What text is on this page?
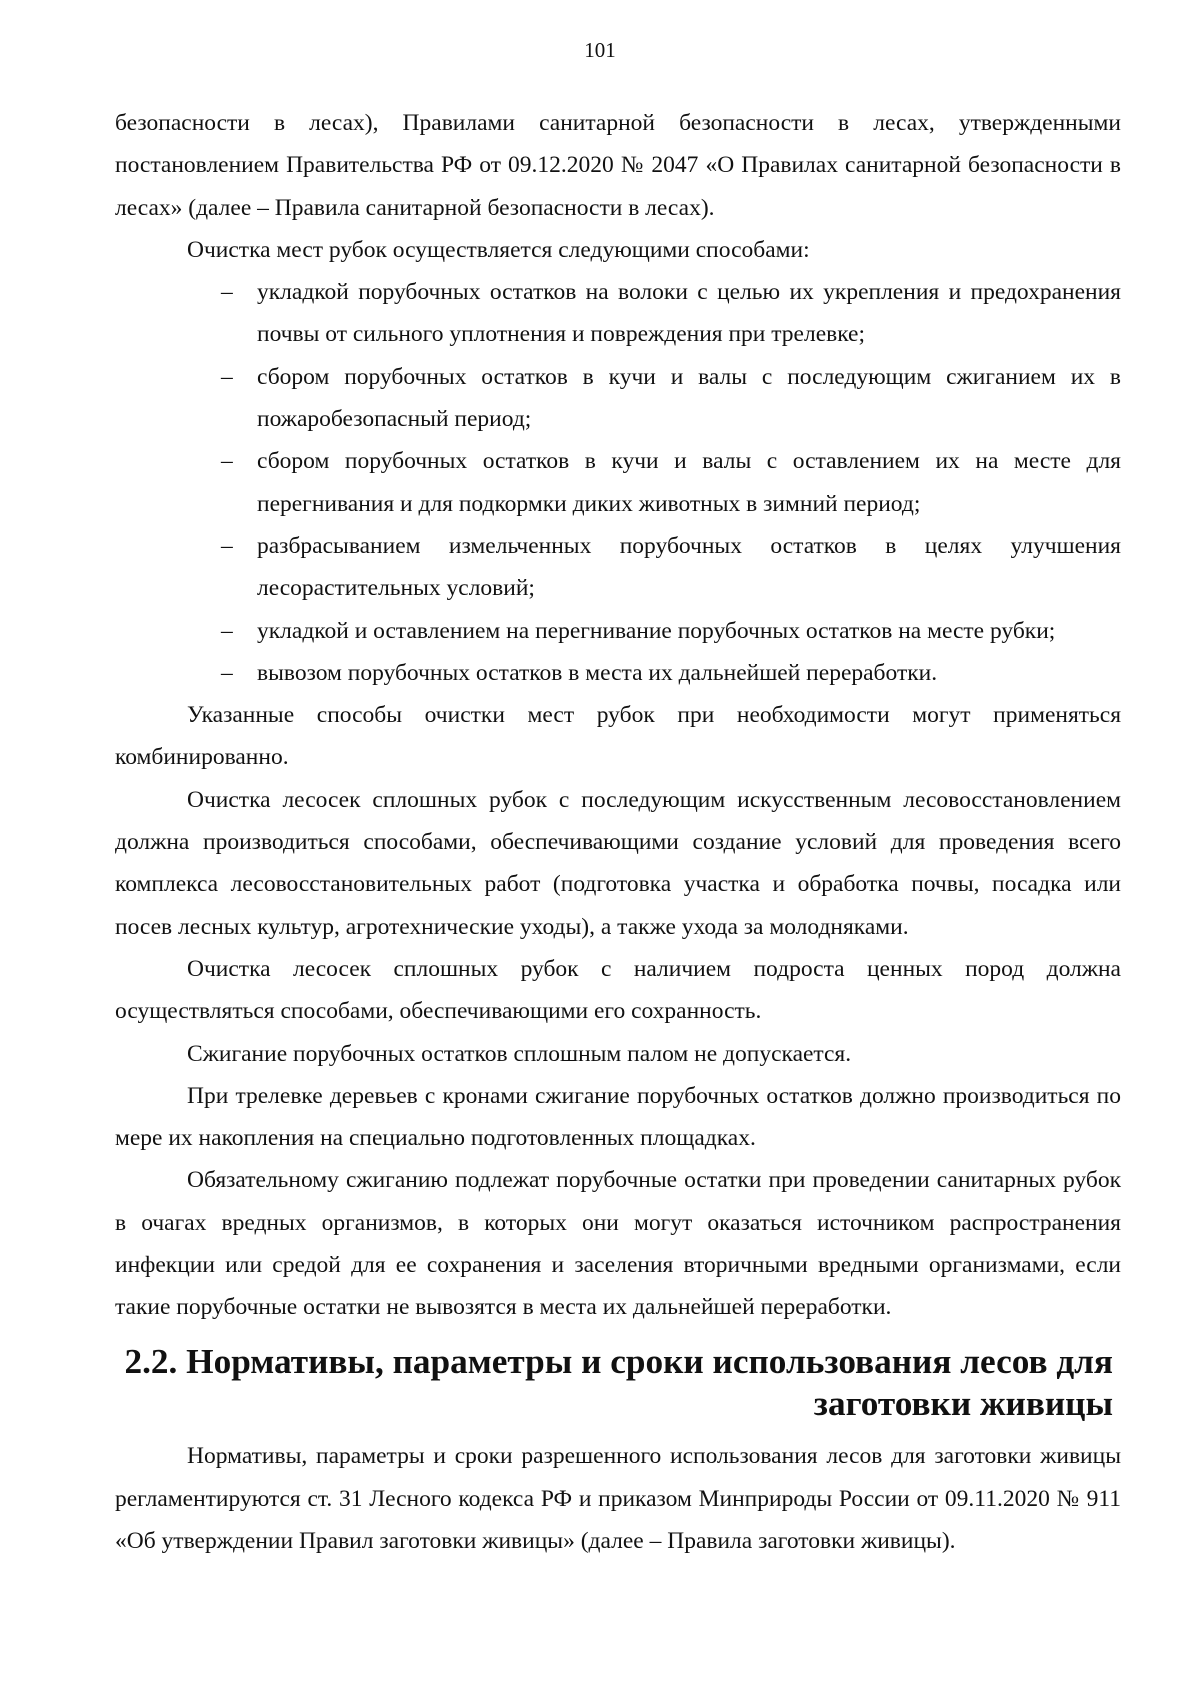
101

безопасности в лесах), Правилами санитарной безопасности в лесах, утвержденными постановлением Правительства РФ от 09.12.2020 № 2047 «О Правилах санитарной безопасности в лесах» (далее – Правила санитарной безопасности в лесах).

Очистка мест рубок осуществляется следующими способами:

– укладкой порубочных остатков на волоки с целью их укрепления и предохранения почвы от сильного уплотнения и повреждения при трелевке;
– сбором порубочных остатков в кучи и валы с последующим сжиганием их в пожаробезопасный период;
– сбором порубочных остатков в кучи и валы с оставлением их на месте для перегнивания и для подкормки диких животных в зимний период;
– разбрасыванием измельченных порубочных остатков в целях улучшения лесорастительных условий;
– укладкой и оставлением на перегнивание порубочных остатков на месте рубки;
– вывозом порубочных остатков в места их дальнейшей переработки.

Указанные способы очистки мест рубок при необходимости могут применяться комбинированно.

Очистка лесосек сплошных рубок с последующим искусственным лесовосстановлением должна производиться способами, обеспечивающими создание условий для проведения всего комплекса лесовосстановительных работ (подготовка участка и обработка почвы, посадка или посев лесных культур, агротехнические уходы), а также ухода за молодняками.

Очистка лесосек сплошных рубок с наличием подроста ценных пород должна осуществляться способами, обеспечивающими его сохранность.

Сжигание порубочных остатков сплошным палом не допускается.

При трелевке деревьев с кронами сжигание порубочных остатков должно производиться по мере их накопления на специально подготовленных площадках.

Обязательному сжиганию подлежат порубочные остатки при проведении санитарных рубок в очагах вредных организмов, в которых они могут оказаться источником распространения инфекции или средой для ее сохранения и заселения вторичными вредными организмами, если такие порубочные остатки не вывозятся в места их дальнейшей переработки.

2.2. Нормативы, параметры и сроки использования лесов для заготовки живицы

Нормативы, параметры и сроки разрешенного использования лесов для заготовки живицы регламентируются ст. 31 Лесного кодекса РФ и приказом Минприроды России от 09.11.2020 № 911 «Об утверждении Правил заготовки живицы» (далее – Правила заготовки живицы).
